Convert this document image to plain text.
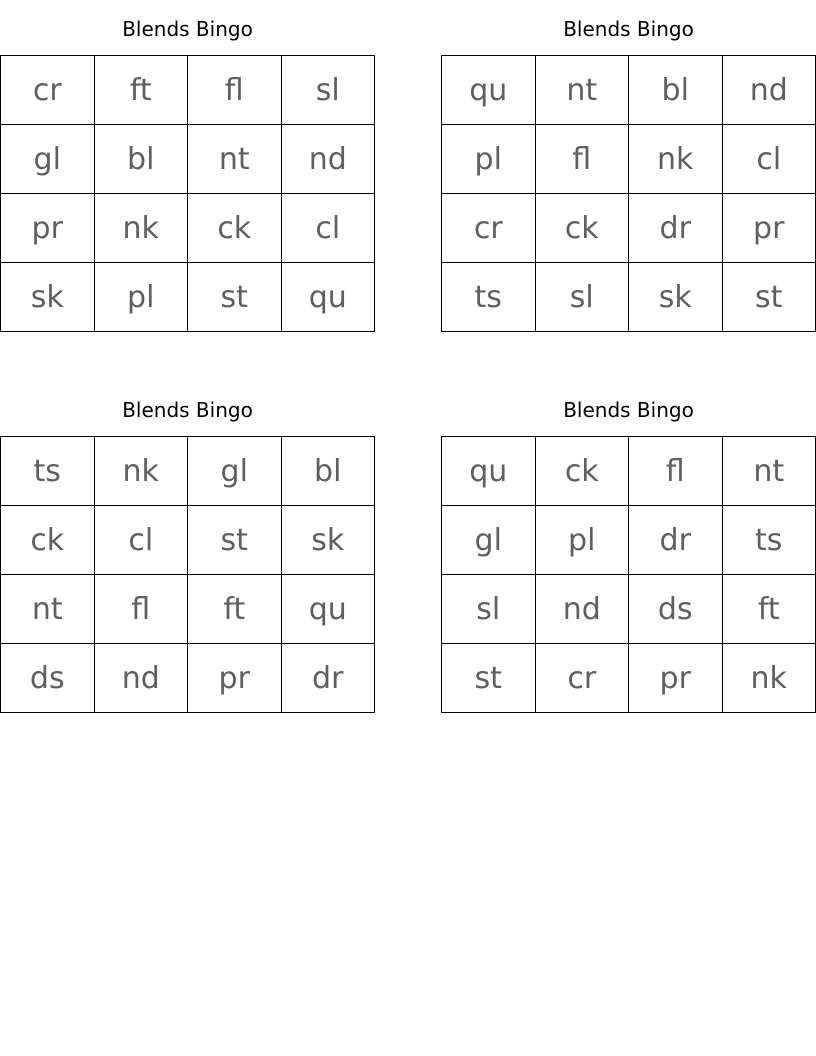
Blends Bingo
cr	ft	fl	sl
gl	bl	nt	nd
pr	nk	ck	cl
sk	pl	st	qu
Blends Bingo
qu	nt	bl	nd
pl	fl	nk	cl
cr	ck	dr	pr
ts	sl	sk	st
Blends Bingo
ts	nk	gl	bl
ck	cl	st	sk
nt	fl	ft	qu
ds	nd	pr	dr
Blends Bingo
qu	ck	fl	nt
gl	pl	dr	ts
sl	nd	ds	ft
st	cr	pr	nk
